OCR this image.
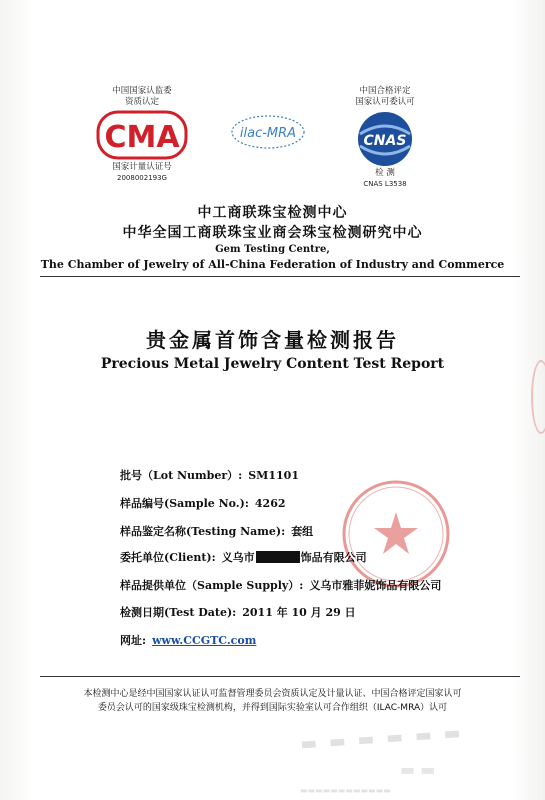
中国国家认监委
资质认定
CMA
国家计量认证号
2008002193G
ilac-MRA
中国合格评定
国家认可委认可
CNAS
检 测
CNAS L3538
中工商联珠宝检测中心
中华全国工商联珠宝业商会珠宝检测研究中心
Gem Testing Centre,
The Chamber of Jewelry of All-China Federation of Industry and Commerce
贵金属首饰含量检测报告
Precious Metal Jewelry Content Test Report
批号（Lot Number）: SM1101
样品编号(Sample No.): 4262
样品鉴定名称(Testing Name): 套组
委托单位(Client): 义乌市	饰品有限公司
样品提供单位（Sample Supply）: 义乌市雅菲妮饰品有限公司
检测日期(Test Date): 2011 年 10 月 29 日
网址: www.CCGTC.com
本检测中心是经中国国家认证认可监督管理委员会资质认定及计量认证、中国合格评定国家认可
委员会认可的国家级珠宝检测机构，并得到国际实验室认可合作组织（ILAC-MRA）认可
▬ ▬ ▬ ▬ ▬ ▬
▬ ▬
▬▬▬▬▬▬▬▬▬▬▬▬
